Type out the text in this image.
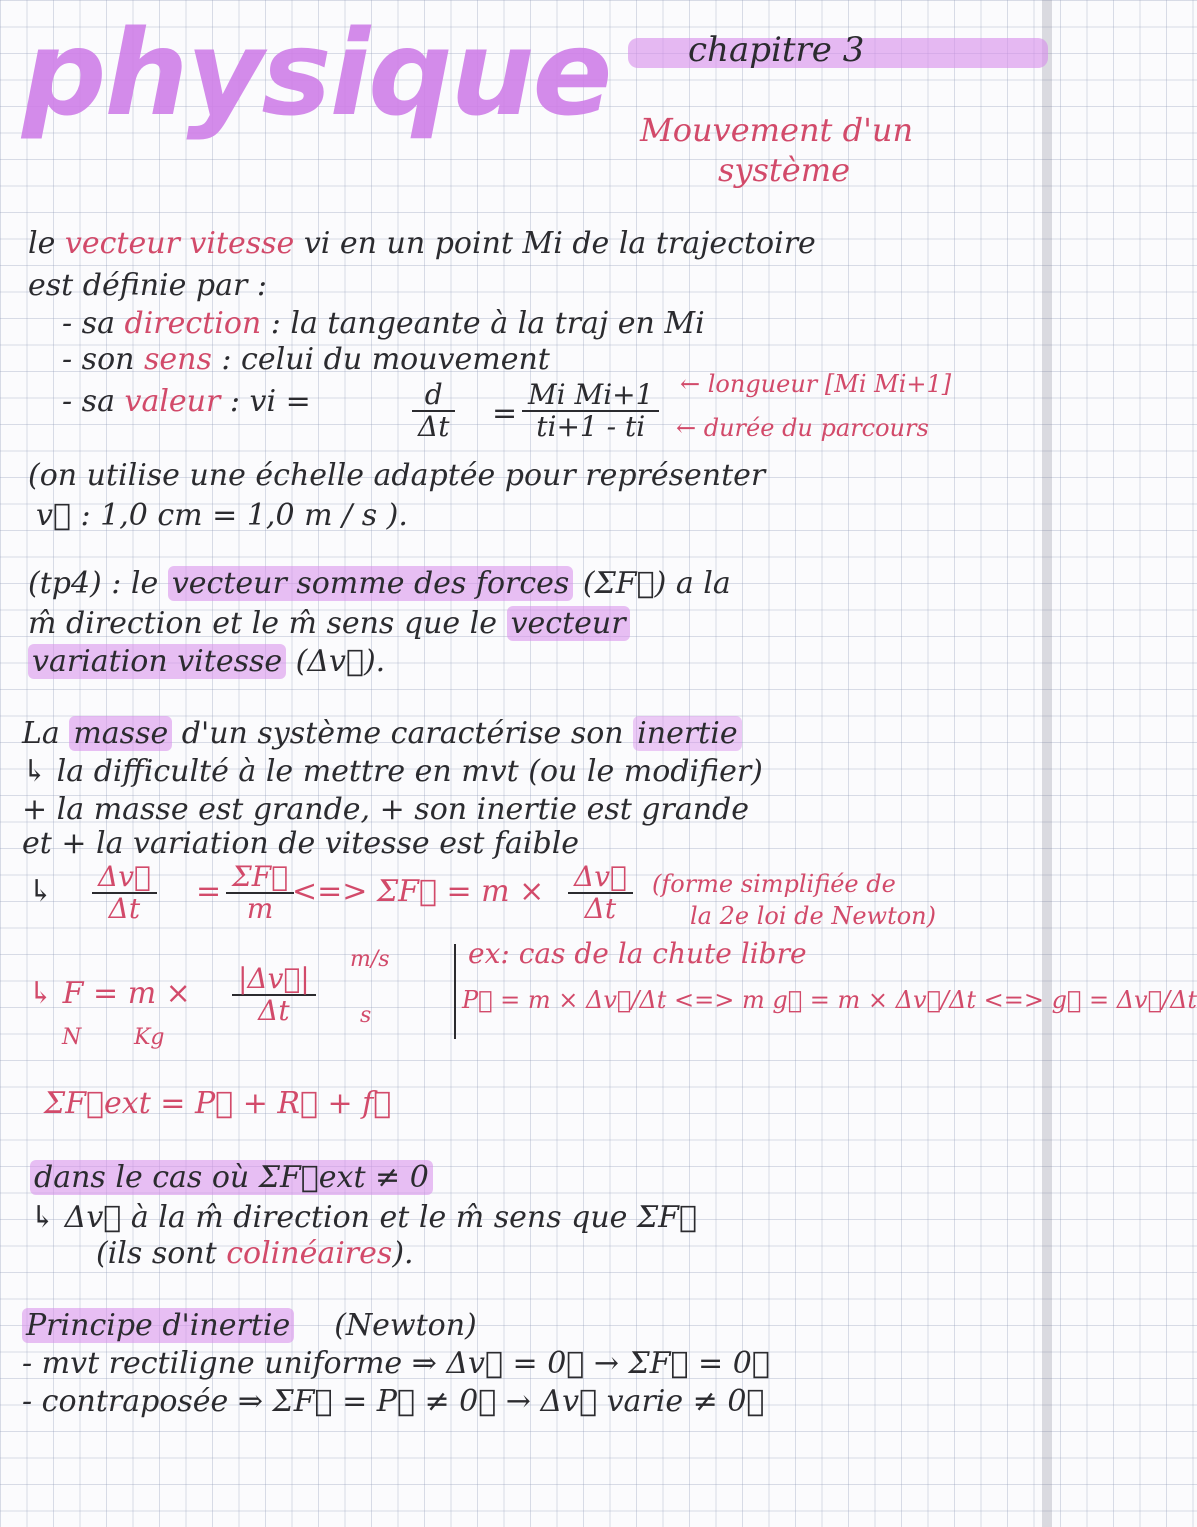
physique chapitre 3
Mouvement d'un
système
le vecteur vitesse vi en un point Mi de la trajectoire
est définie par :
- sa direction : la tangeante à la traj en Mi
- son sens : celui du mouvement
- sa valeur : vi =	$\frac{d}{\Delta t} = \frac{\text{Mi Mi+1}}{ti+1 - ti}$ ← longueur [Mi Mi+1]
← durée du parcours
(on utilise une échelle adaptée pour représenter
v⃗ : 1,0 cm = 1,0 m / s ).
(tp4) : le vecteur somme des forces (ΣF⃗) a la
m̂ direction et le m̂ sens que le vecteur
variation vitesse (Δv⃗).
La masse d'un système caractérise son inertie
↳ la difficulté à le mettre en mvt (ou le modifier)
+ la masse est grande, + son inertie est grande
et + la variation de vitesse est faible
↳ $\frac{\Delta v⃗}{\Delta t} = \frac{\Sigma F⃗}{m}$
<=> ΣF⃗ = $m \times \frac{\Delta v⃗}{\Delta t}$ (forme simplifiée de
la 2e loi de Newton)
↳ $F = m \times \frac{|\Delta v⃗|}{\Delta t}$
m/s
s
N Kg
ex: cas de la chute libre
P⃗ = m × Δv⃗/Δt <=> m g⃗ = m × Δv⃗/Δt <=> g⃗ = Δv⃗/Δt
ΣF⃗ext = P⃗ + R⃗ + f⃗
dans le cas où ΣF⃗ext ≠ 0
↳ Δv⃗ à la m̂ direction et le m̂ sens que ΣF⃗
(ils sont colinéaires).
Principe d'inertie (Newton)
- mvt rectiligne uniforme ⇒ Δv⃗ = 0⃗ → ΣF⃗ = 0⃗
- contraposée ⇒ ΣF⃗ = P⃗ ≠ 0⃗ → Δv⃗ varie ≠ 0⃗
